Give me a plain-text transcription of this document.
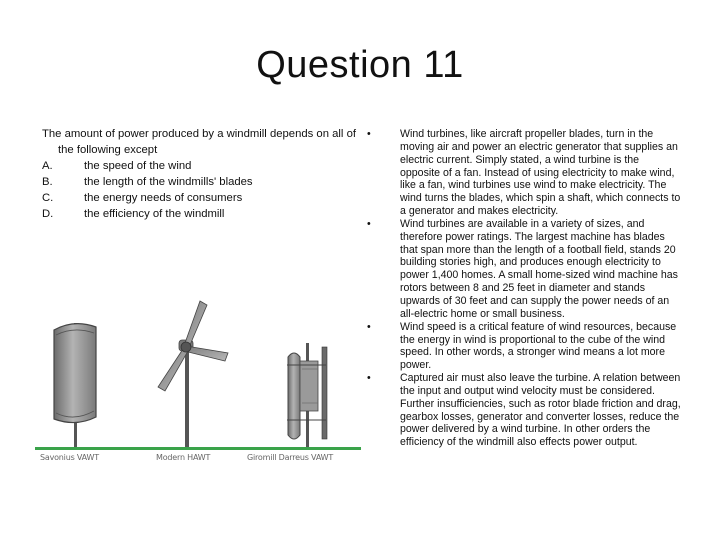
Question 11
The amount of power produced by a windmill depends on all of the following except
A.	the speed of the wind
B.	the length of the windmills' blades
C.	the energy needs of consumers
D.	the efficiency of the windmill
Savonius VAWT	Modern HAWT	Giromill Darreus VAWT
•	Wind turbines, like aircraft propeller blades, turn in the moving air and power an electric generator that supplies an electric current. Simply stated, a wind turbine is the opposite of a fan. Instead of using electricity to make wind, like a fan, wind turbines use wind to make electricity. The wind turns the blades, which spin a shaft, which connects to a generator and makes electricity.
•	Wind turbines are available in a variety of sizes, and therefore power ratings. The largest machine has blades that span more than the length of a football field, stands 20 building stories high, and produces enough electricity to power 1,400 homes. A small home-sized wind machine has rotors between 8 and 25 feet in diameter and stands upwards of 30 feet and can supply the power needs of an all-electric home or small business.
•	Wind speed is a critical feature of wind resources, because the energy in wind is proportional to the cube of the wind speed. In other words, a stronger wind means a lot more power.
•	Captured air must also leave the turbine. A relation between the input and output wind velocity must be considered. Further insufficiencies, such as rotor blade friction and drag, gearbox losses, generator and converter losses, reduce the power delivered by a wind turbine. In other orders the efficiency of the windmill also effects power output.
